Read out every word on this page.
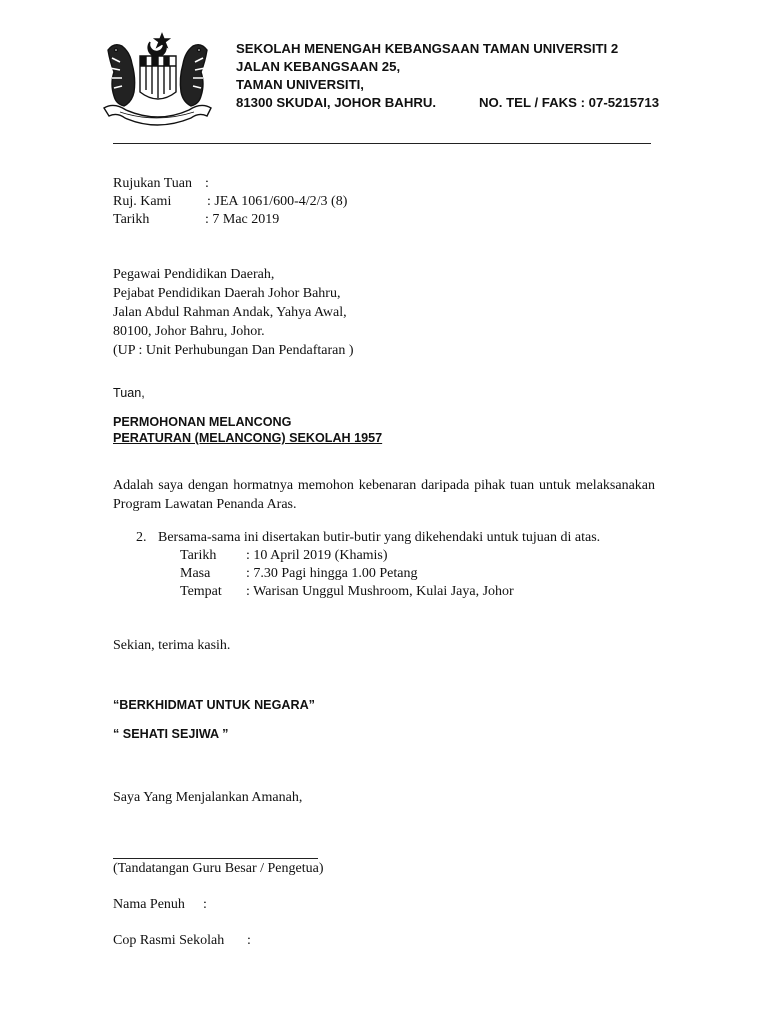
SEKOLAH MENENGAH KEBANGSAAN TAMAN UNIVERSITI 2
JALAN KEBANGSAAN 25,
TAMAN UNIVERSITI,
81300 SKUDAI, JOHOR BAHRU.	NO. TEL / FAKS : 07-5215713
Rujukan Tuan :
Ruj. Kami	: JEA 1061/600-4/2/3 (8)
Tarikh	: 7 Mac 2019
Pegawai Pendidikan Daerah,
Pejabat Pendidikan Daerah Johor Bahru,
Jalan Abdul Rahman Andak, Yahya Awal,
80100, Johor Bahru, Johor.
(UP : Unit Perhubungan Dan Pendaftaran )
Tuan,
PERMOHONAN MELANCONG
PERATURAN (MELANCONG) SEKOLAH 1957
Adalah saya dengan hormatnya memohon kebenaran daripada pihak tuan untuk melaksanakan Program Lawatan Penanda Aras.
2. Bersama-sama ini disertakan butir-butir yang dikehendaki untuk tujuan di atas.
Tarikh : 10 April 2019 (Khamis)
Masa	: 7.30 Pagi hingga 1.00 Petang
Tempat : Warisan Unggul Mushroom, Kulai Jaya, Johor
Sekian, terima kasih.
“BERKHIDMAT UNTUK NEGARA”
“ SEHATI SEJIWA ”
Saya Yang Menjalankan Amanah,
(Tandatangan Guru Besar / Pengetua)
Nama Penuh :
Cop Rasmi Sekolah :
